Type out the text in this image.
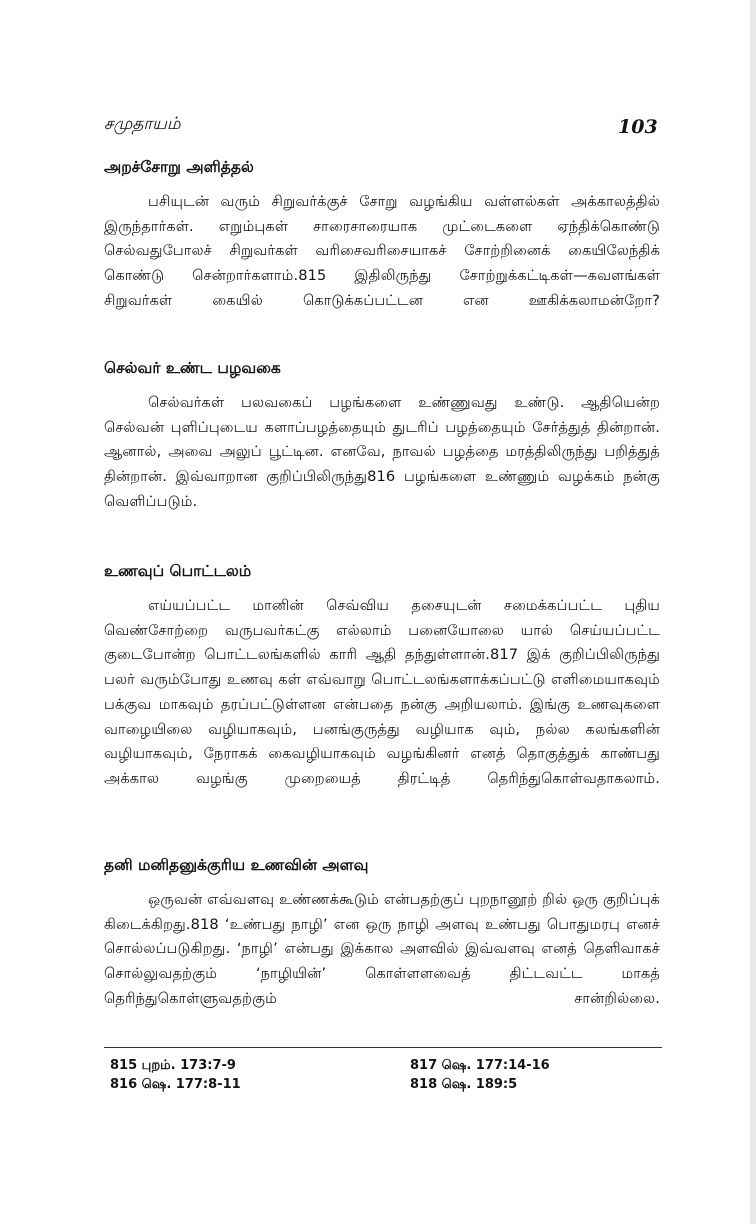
சமுதாயம்	103
அறச்சோறு அளித்தல்

பசியுடன் வரும் சிறுவர்க்குச் சோறு வழங்கிய வள்ளல்கள் அக்காலத்தில் இருந்தார்கள். எறும்புகள் சாரைசாரையாக முட்டைகளை ஏந்திக்கொண்டு செல்வதுபோலச் சிறுவர்கள் வரிசைவரிசையாகச் சோற்றினைக் கையிலேந்திக் கொண்டு சென்றார்களாம்.815 இதிலிருந்து சோற்றுக்கட்டிகள்—கவளங்கள் சிறுவர்கள் கையில் கொடுக்கப்பட்டன என ஊகிக்கலாமன்றோ?

செல்வர் உண்ட பழவகை

செல்வர்கள் பலவகைப் பழங்களை உண்ணுவது உண்டு. ஆதியென்ற செல்வன் புளிப்புடைய களாப்பழத்தையும் துடரிப் பழத்தையும் சேர்த்துத் தின்றான். ஆனால், அவை அலுப் பூட்டின. எனவே, நாவல் பழத்தை மரத்திலிருந்து பறித்துத் தின்றான். இவ்வாறான குறிப்பிலிருந்து816 பழங்களை உண்ணும் வழக்கம் நன்கு வெளிப்படும்.

உணவுப் பொட்டலம்

எய்யப்பட்ட மானின் செவ்விய தசையுடன் சமைக்கப்பட்ட புதிய வெண்சோற்றை வருபவர்கட்கு எல்லாம் பனையோலை யால் செய்யப்பட்ட குடைபோன்ற பொட்டலங்களில் காரி ஆதி தந்துள்ளான்.817 இக் குறிப்பிலிருந்து பலர் வரும்போது உணவு கள் எவ்வாறு பொட்டலங்களாக்கப்பட்டு எளிமையாகவும் பக்குவ மாகவும் தரப்பட்டுள்ளன என்பதை நன்கு அறியலாம். இங்கு உணவுகளை வாழையிலை வழியாகவும், பனங்குருத்து வழியாக வும், நல்ல கலங்களின் வழியாகவும், நேராகக் கைவழியாகவும் வழங்கினர் எனத் தொகுத்துக் காண்பது அக்கால வழங்கு முறையைத் திரட்டித் தெரிந்துகொள்வதாகலாம்.

தனி மனிதனுக்குரிய உணவின் அளவு

ஒருவன் எவ்வளவு உண்ணக்கூடும் என்பதற்குப் புறநானூற் றில் ஒரு குறிப்புக் கிடைக்கிறது.818 ‘உண்பது நாழி’ என ஒரு நாழி அளவு உண்பது பொதுமரபு எனச் சொல்லப்படுகிறது. ‘நாழி’ என்பது இக்கால அளவில் இவ்வளவு எனத் தெளிவாகச் சொல்லுவதற்கும் ‘நாழியின்’ கொள்ளளவைத் திட்டவட்ட மாகத் தெரிந்துகொள்ளுவதற்கும் சான்றில்லை.

815 புறம். 173:7-9
816 ஷெ. 177:8-11
817 ஷெ. 177:14-16
818 ஷெ. 189:5
